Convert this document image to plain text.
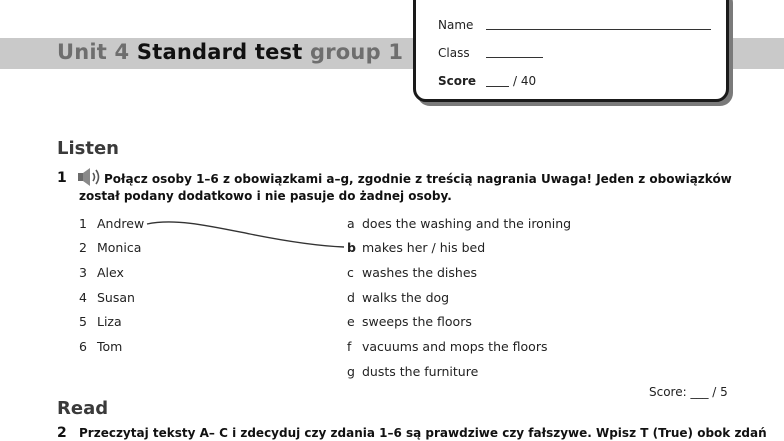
Unit 4 Standard test group 1
Name
Class
Score	/ 40
Listen
1	Połącz osoby 1–6 z obowiązkami a–g, zgodnie z treścią nagrania Uwaga! Jeden z obowiązków
został podany dodatkowo i nie pasuje do żadnej osoby.
1 Andrew
2 Monica
3 Alex
4 Susan
5 Liza
6 Tom
a does the washing and the ironing
b makes her / his bed
c washes the dishes
d walks the dog
e sweeps the floors
f vacuums and mops the floors
g dusts the furniture
Score: ___ / 5
Read
2 Przeczytaj teksty A– C i zdecyduj czy zdania 1–6 są prawdziwe czy fałszywe. Wpisz T (True) obok zdań
